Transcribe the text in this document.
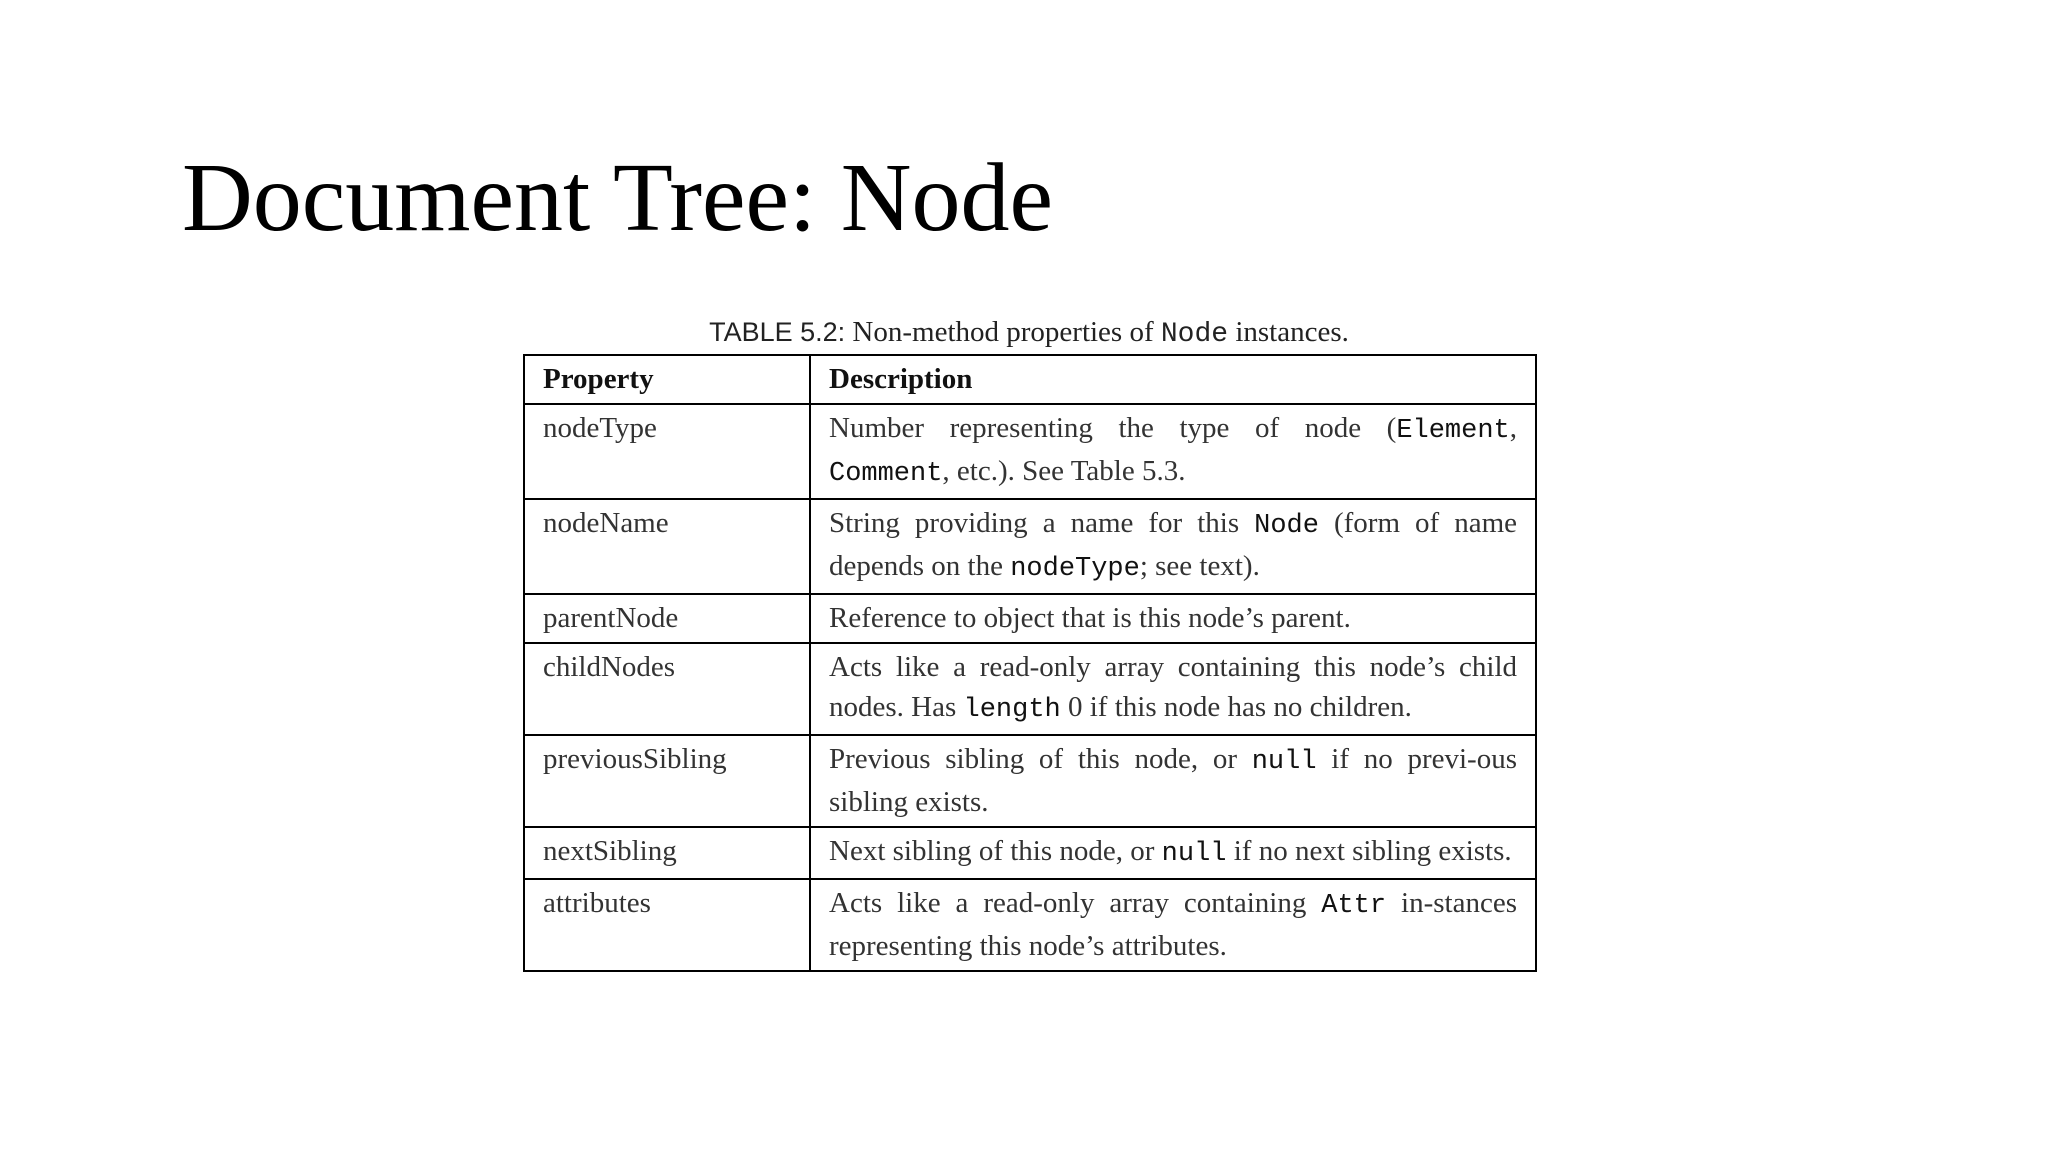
Document Tree: Node
TABLE 5.2: Non-method properties of Node instances.
Property	Description
nodeType	Number representing the type of node (Element, Comment, etc.). See Table 5.3.
nodeName	String providing a name for this Node (form of name depends on the nodeType; see text).
parentNode	Reference to object that is this node’s parent.
childNodes	Acts like a read-only array containing this node’s child nodes. Has length 0 if this node has no children.
previousSibling	Previous sibling of this node, or null if no previ-ous sibling exists.
nextSibling	Next sibling of this node, or null if no next sibling exists.
attributes	Acts like a read-only array containing Attr in-stances representing this node’s attributes.
